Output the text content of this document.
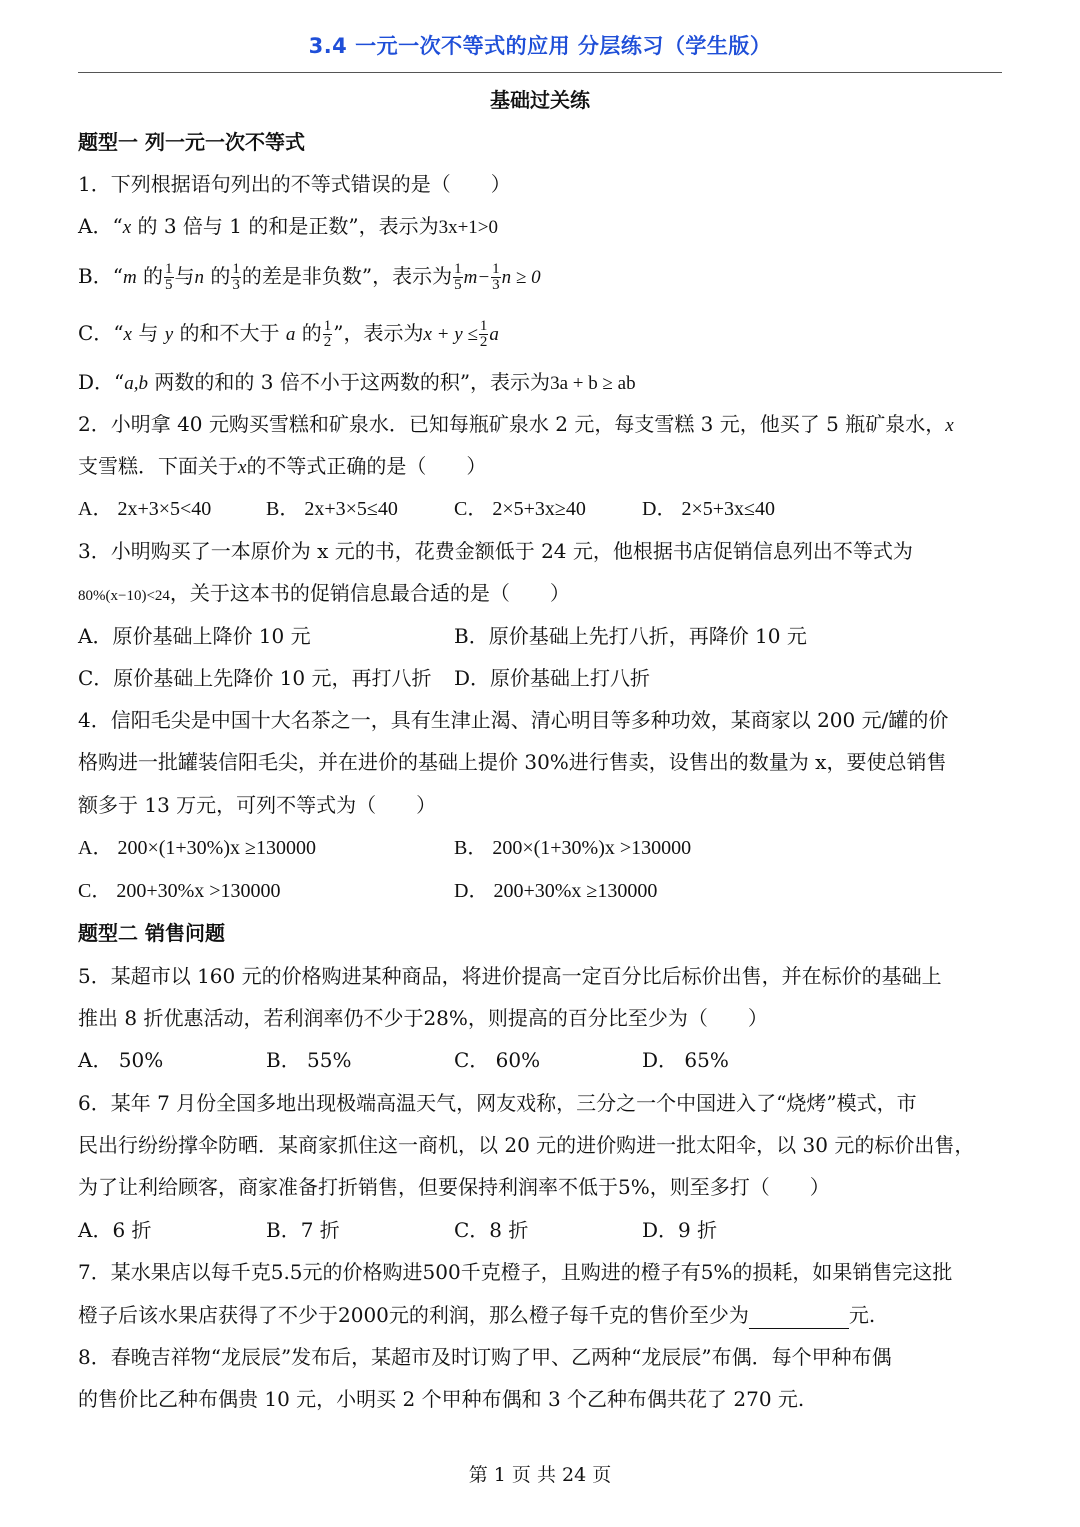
3.4 一元一次不等式的应用 分层练习（学生版）
基础过关练
题型一 列一元一次不等式
1．下列根据语句列出的不等式错误的是（　　）
A．“x 的 3 倍与 1 的和是正数”，表示为3x+1>0
B．“m 的 $\frac{1}{5}$ 与n 的 $\frac{1}{3}$ 的差是非负数”，表示为 $\frac{1}{5} m- \frac{1}{3}$ n ≥ 0
C．“x 与 y 的和不大于 a 的 $\frac{1}{2}$ ”，表示为$x + y \le \frac{1}{2}$ a
D．“a,b 两数的和的 3 倍不小于这两数的积”，表示为3a + b ≥ ab
2．小明拿 40 元购买雪糕和矿泉水．已知每瓶矿泉水 2 元，每支雪糕 3 元，他买了 5 瓶矿泉水，x
支雪糕．下面关于x的不等式正确的是（　　）
A． 2x+3×5<40	B． 2x+3×5≤40	C． 2×5+3x≥40	D． 2×5+3x≤40
3．小明购买了一本原价为 x 元的书，花费金额低于 24 元，他根据书店促销信息列出不等式为
80%(x−10)<24，关于这本书的促销信息最合适的是（　　）
A．原价基础上降价 10 元	B．原价基础上先打八折，再降价 10 元
C．原价基础上先降价 10 元，再打八折 D．原价基础上打八折
4．信阳毛尖是中国十大名茶之一，具有生津止渴、清心明目等多种功效，某商家以 200 元/罐的价
格购进一批罐装信阳毛尖，并在进价的基础上提价 30%进行售卖，设售出的数量为 x，要使总销售
额多于 13 万元，可列不等式为（　　）
A． 200×(1+30%)x ≥130000	B． 200×(1+30%)x >130000
C． 200+30%x >130000	D． 200+30%x ≥130000
题型二 销售问题
5．某超市以 160 元的价格购进某种商品，将进价提高一定百分比后标价出售，并在标价的基础上
推出 8 折优惠活动，若利润率仍不少于28%，则提高的百分比至少为（　　）
A． 50%	B． 55%	C． 60%	D． 65%
6．某年 7 月份全国多地出现极端高温天气，网友戏称，三分之一个中国进入了“烧烤”模式，市
民出行纷纷撑伞防晒．某商家抓住这一商机，以 20 元的进价购进一批太阳伞，以 30 元的标价出售，
为了让利给顾客，商家准备打折销售，但要保持利润率不低于5%，则至多打（　　）
A．6 折	B．7 折	C．8 折	D．9 折
7．某水果店以每千克5.5元的价格购进500千克橙子，且购进的橙子有5%的损耗，如果销售完这批
橙子后该水果店获得了不少于2000元的利润，那么橙子每千克的售价至少为	元.
8．春晚吉祥物“龙辰辰”发布后，某超市及时订购了甲、乙两种“龙辰辰”布偶．每个甲种布偶
的售价比乙种布偶贵 10 元，小明买 2 个甲种布偶和 3 个乙种布偶共花了 270 元.
第 1 页 共 24 页
